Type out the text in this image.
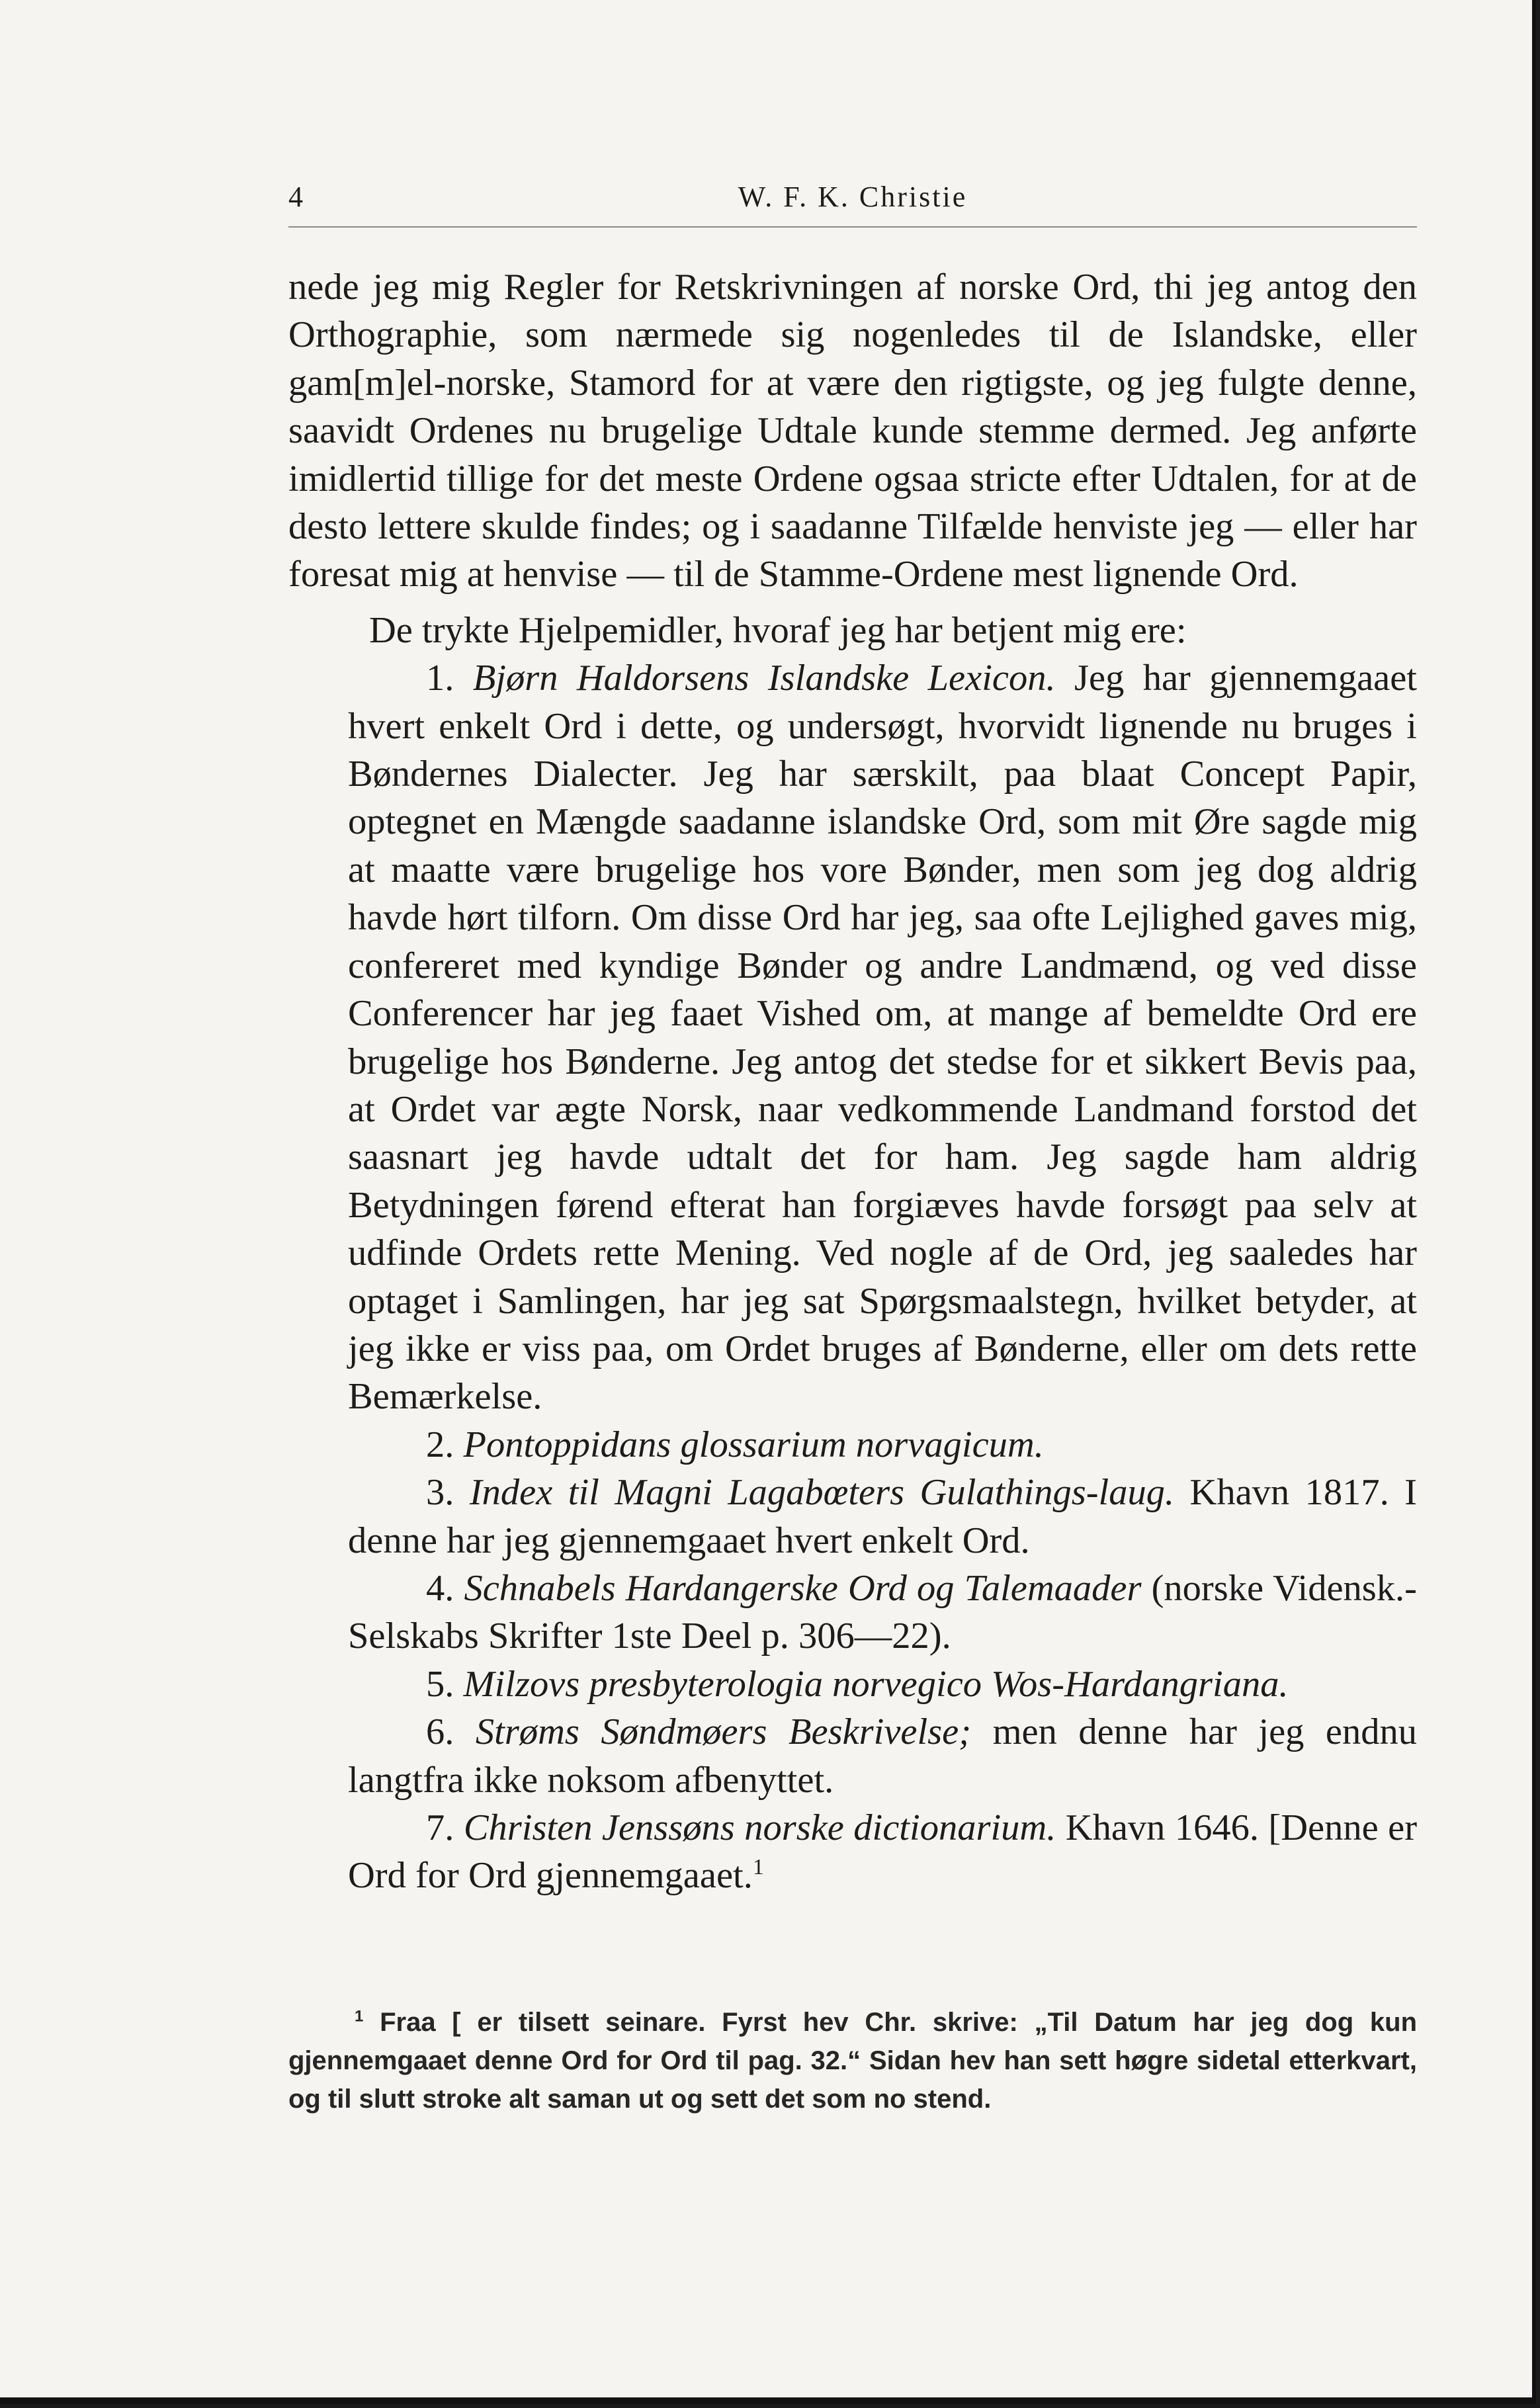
4	W. F. K. Christie

nede jeg mig Regler for Retskrivningen af norske Ord, thi jeg antog den Orthographie, som nærmede sig nogenledes til de Islandske, eller gam[m]el-norske, Stamord for at være den rigtigste, og jeg fulgte denne, saavidt Ordenes nu brugelige Udtale kunde stemme dermed. Jeg anførte imidlertid tillige for det meste Ordene ogsaa stricte efter Udtalen, for at de desto lettere skulde findes; og i saadanne Tilfælde henviste jeg — eller har foresat mig at henvise — til de Stamme-Ordene mest lignende Ord.

De trykte Hjelpemidler, hvoraf jeg har betjent mig ere:

1. Bjørn Haldorsens Islandske Lexicon. Jeg har gjennemgaaet hvert enkelt Ord i dette, og undersøgt, hvorvidt lignende nu bruges i Bøndernes Dialecter. Jeg har særskilt, paa blaat Concept Papir, optegnet en Mængde saadanne islandske Ord, som mit Øre sagde mig at maatte være brugelige hos vore Bønder, men som jeg dog aldrig havde hørt tilforn. Om disse Ord har jeg, saa ofte Lejlighed gaves mig, confereret med kyndige Bønder og andre Landmænd, og ved disse Conferencer har jeg faaet Vished om, at mange af bemeldte Ord ere brugelige hos Bønderne. Jeg antog det stedse for et sikkert Bevis paa, at Ordet var ægte Norsk, naar vedkommende Landmand forstod det saasnart jeg havde udtalt det for ham. Jeg sagde ham aldrig Betydningen førend efterat han forgiæves havde forsøgt paa selv at udfinde Ordets rette Mening. Ved nogle af de Ord, jeg saaledes har optaget i Samlingen, har jeg sat Spørgsmaalstegn, hvilket betyder, at jeg ikke er viss paa, om Ordet bruges af Bønderne, eller om dets rette Bemærkelse.

2. Pontoppidans glossarium norvagicum.

3. Index til Magni Lagabœters Gulathings-laug. Khavn 1817. I denne har jeg gjennemgaaet hvert enkelt Ord.

4. Schnabels Hardangerske Ord og Talemaader (norske Vidensk.-Selskabs Skrifter 1ste Deel p. 306—22).

5. Milzovs presbyterologia norvegico Wos-Hardangriana.

6. Strøms Søndmøers Beskrivelse; men denne har jeg endnu langtfra ikke noksom afbenyttet.

7. Christen Jenssøns norske dictionarium. Khavn 1646. [Denne er Ord for Ord gjennemgaaet.$^1$

$^1$ Fraa [ er tilsett seinare. Fyrst hev Chr. skrive: „Til Datum har jeg dog kun gjennemgaaet denne Ord for Ord til pag. 32.“ Sidan hev han sett høgre sidetal etterkvart, og til slutt stroke alt saman ut og sett det som no stend.
